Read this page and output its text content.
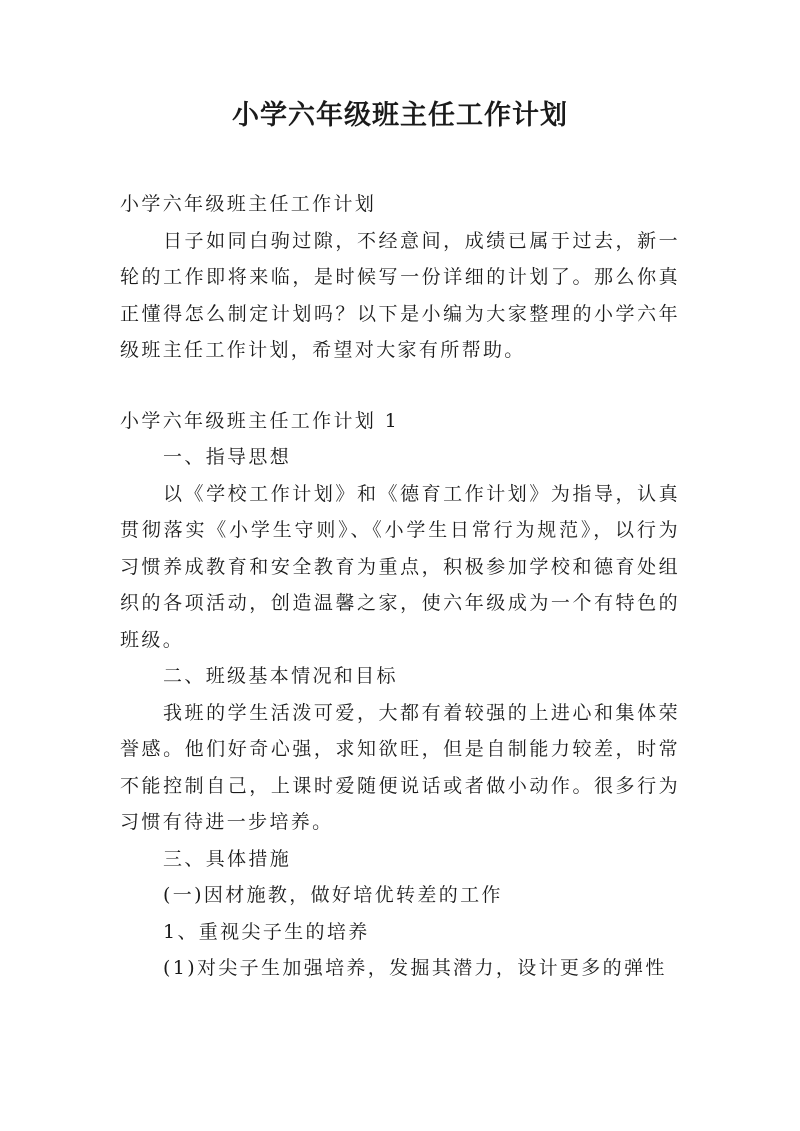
小学六年级班主任工作计划

小学六年级班主任工作计划

日子如同白驹过隙，不经意间，成绩已属于过去，新一轮的工作即将来临，是时候写一份详细的计划了。那么你真正懂得怎么制定计划吗？以下是小编为大家整理的小学六年级班主任工作计划，希望对大家有所帮助。

小学六年级班主任工作计划 1

一、指导思想

以《学校工作计划》和《德育工作计划》为指导，认真贯彻落实《小学生守则》、《小学生日常行为规范》，以行为习惯养成教育和安全教育为重点，积极参加学校和德育处组织的各项活动，创造温馨之家，使六年级成为一个有特色的班级。

二、班级基本情况和目标

我班的学生活泼可爱，大都有着较强的上进心和集体荣誉感。他们好奇心强，求知欲旺，但是自制能力较差，时常不能控制自己，上课时爱随便说话或者做小动作。很多行为习惯有待进一步培养。

三、具体措施

(一)因材施教，做好培优转差的工作

1、重视尖子生的培养

(1)对尖子生加强培养，发掘其潜力，设计更多的弹性
